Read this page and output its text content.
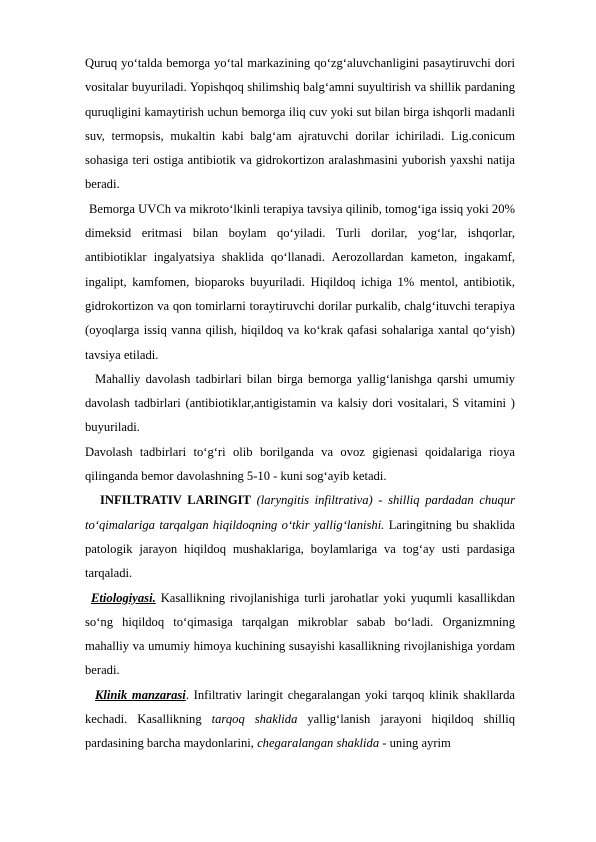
Quruq yo‘talda bemorga yo‘tal markazining qo‘zg‘aluvchanligini pasaytiruvchi dori vositalar buyuriladi. Yopishqoq shilimshiq balg‘amni suyultirish va shillik pardaning quruqligini kamaytirish uchun bemorga iliq cuv yoki sut bilan birga ishqorli madanli suv, termopsis, mukaltin kabi balg‘am ajratuvchi dorilar ichiriladi. Lig.conicum sohasiga teri ostiga antibiotik va gidrokortizon aralashmasini yuborish yaxshi natija beradi.

Bemorga UVCh va mikroto‘lkinli terapiya tavsiya qilinib, tomog‘iga issiq yoki 20% dimeksid eritmasi bilan boylam qo‘yiladi. Turli dorilar, yog‘lar, ishqorlar, antibiotiklar ingalyatsiya shaklida qo‘llanadi. Aerozollardan kameton, ingakamf, ingalipt, kamfomen, bioparoks buyuriladi. Hiqildoq ichiga 1% mentol, antibiotik, gidrokortizon va qon tomirlarni toraytiruvchi dorilar purkalib, chalg‘ituvchi terapiya (oyoqlarga issiq vanna qilish, hiqildoq va ko‘krak qafasi sohalariga xantal qo‘yish) tavsiya etiladi.

Mahalliy davolash tadbirlari bilan birga bemorga yallig‘lanishga qarshi umumiy davolash tadbirlari (antibiotiklar,antigistamin va kalsiy dori vositalari, S vitamini ) buyuriladi.

Davolash tadbirlari to‘g‘ri olib borilganda va ovoz gigienasi qoidalariga rioya qilinganda bemor davolashning 5-10 - kuni sog‘ayib ketadi.

INFILTRATIV LARINGIT (laryngitis infiltrativa) - shilliq pardadan chuqur to‘qimalariga tarqalgan hiqildoqning o‘tkir yallig‘lanishi. Laringitning bu shaklida patologik jarayon hiqildoq mushaklariga, boylamlariga va tog‘ay usti pardasiga tarqaladi.

Etiologiyasi. Kasallikning rivojlanishiga turli jarohatlar yoki yuqumli kasallikdan so‘ng hiqildoq to‘qimasiga tarqalgan mikroblar sabab bo‘ladi. Organizmning mahalliy va umumiy himoya kuchining susayishi kasallikning rivojlanishiga yordam beradi.

Klinik manzarasi. Infiltrativ laringit chegaralangan yoki tarqoq klinik shakllarda kechadi. Kasallikning tarqoq shaklida yallig‘lanish jarayoni hiqildoq shilliq pardasining barcha maydonlarini, chegaralangan shaklida - uning ayrim
